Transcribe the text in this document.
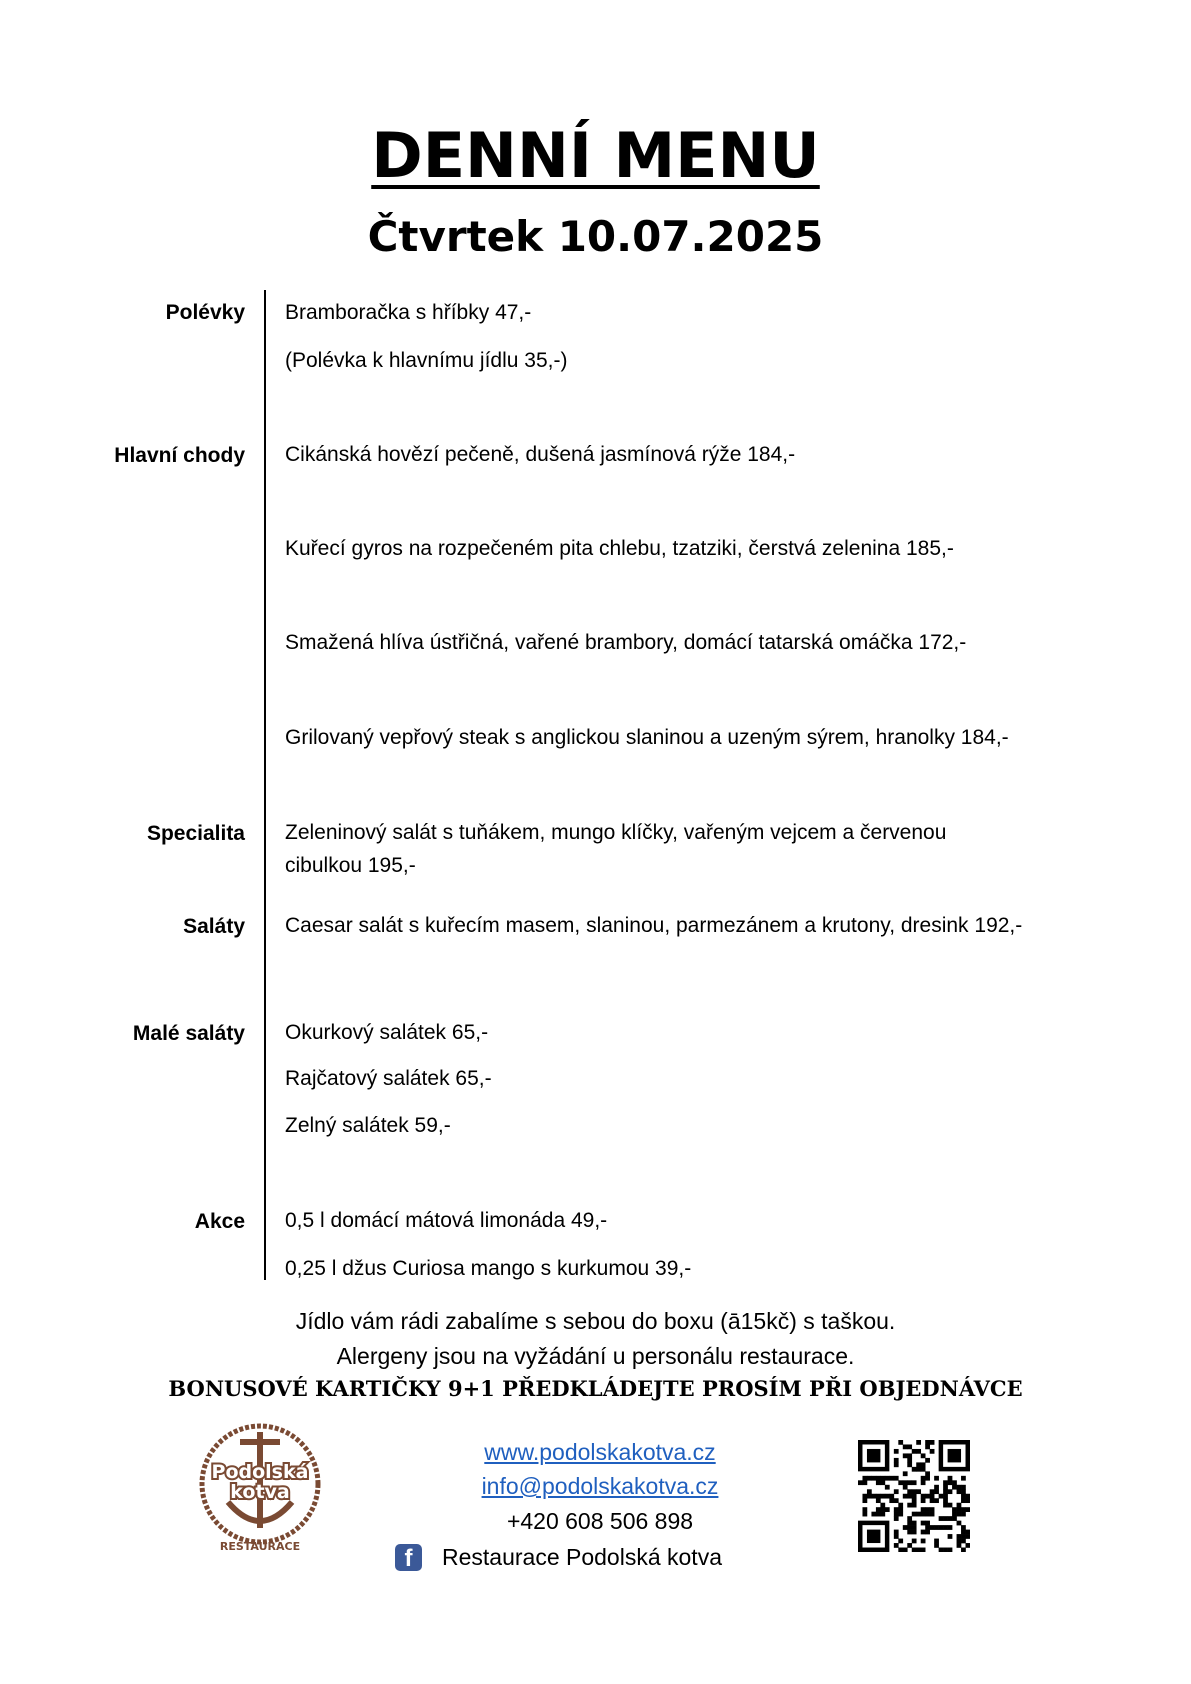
DENNÍ MENU
Čtvrtek 10.07.2025
Polévky
Hlavní chody
Specialita
Saláty
Malé saláty
Akce
Bramboračka s hříbky 47,-
(Polévka k hlavnímu jídlu 35,-)
Cikánská hovězí pečeně, dušená jasmínová rýže 184,-
Kuřecí gyros na rozpečeném pita chlebu, tzatziki, čerstvá zelenina 185,-
Smažená hlíva ústřičná, vařené brambory, domácí tatarská omáčka 172,-
Grilovaný vepřový steak s anglickou slaninou a uzeným sýrem, hranolky 184,-
Zeleninový salát s tuňákem, mungo klíčky, vařeným vejcem a červenou cibulkou 195,-
Caesar salát s kuřecím masem, slaninou, parmezánem a krutony, dresink 192,-
Okurkový salátek 65,-
Rajčatový salátek 65,-
Zelný salátek 59,-
0,5 l domácí mátová limonáda 49,-
0,25 l džus Curiosa mango s kurkumou 39,-
Jídlo vám rádi zabalíme s sebou do boxu (ā15kč) s taškou.
Alergeny jsou na vyžádání u personálu restaurace.
BONUSOVÉ KARTIČKY 9+1 PŘEDKLÁDEJTE PROSÍM PŘI OBJEDNÁVCE
Podolská
kotva
RESTAURACE
www.podolskakotva.cz
info@podolskakotva.cz
+420 608 506 898
f	Restaurace Podolská kotva
